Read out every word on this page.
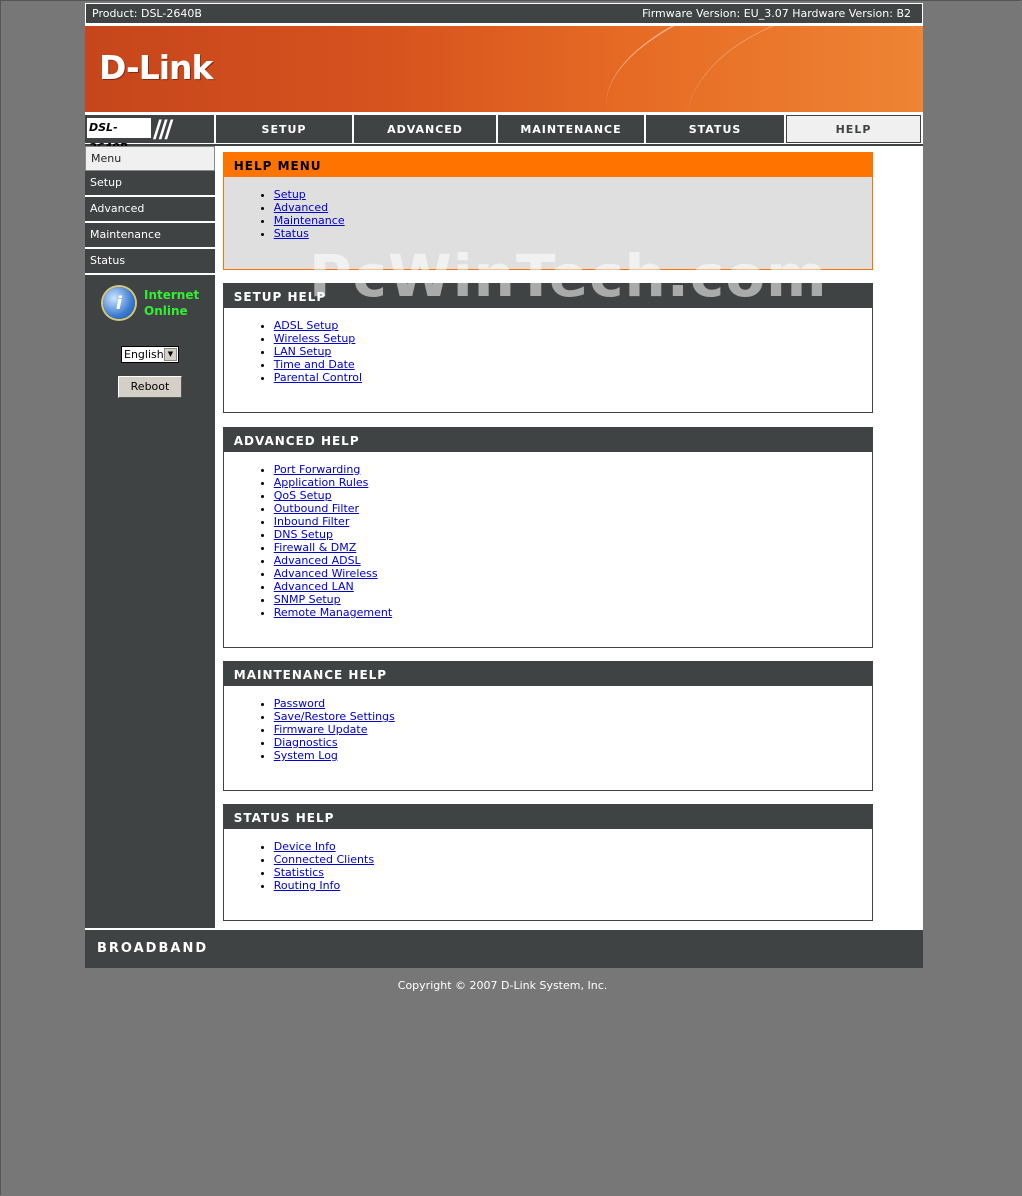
Product: DSL-2640B	Firmware Version: EU_3.07 Hardware Version: B2
D-Link
DSL-	///	SETUP	ADVANCED	MAINTENANCE	STATUS	HELP
Menu
Setup
Advanced
Maintenance
Status
i	Internet
Online
English ▼
Reboot
PcWinTech.com
HELP MENU
• Setup
• Advanced
• Maintenance
• Status
SETUP HELP
• ADSL Setup
• Wireless Setup
• LAN Setup
• Time and Date
• Parental Control
ADVANCED HELP
• Port Forwarding
• Application Rules
• QoS Setup
• Outbound Filter
• Inbound Filter
• DNS Setup
• Firewall & DMZ
• Advanced ADSL
• Advanced Wireless
• Advanced LAN
• SNMP Setup
• Remote Management
MAINTENANCE HELP
• Password
• Save/Restore Settings
• Firmware Update
• Diagnostics
• System Log
STATUS HELP
• Device Info
• Connected Clients
• Statistics
• Routing Info
BROADBAND
Copyright © 2007 D-Link System, Inc.
